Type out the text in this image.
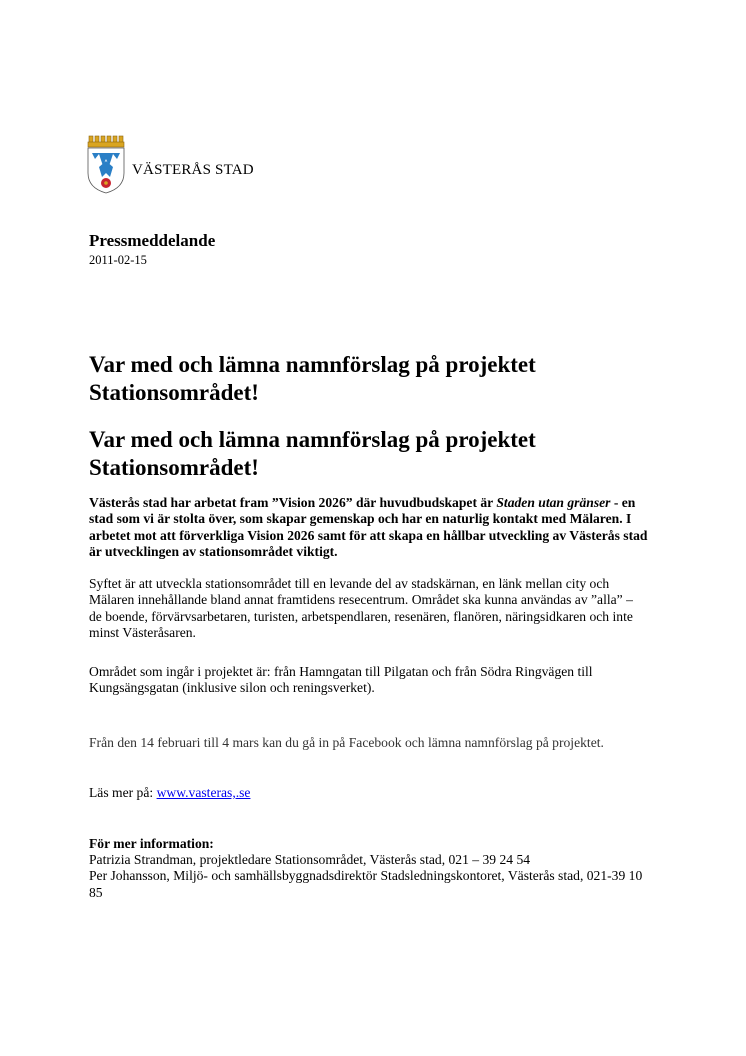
VÄSTERÅS STAD
Pressmeddelande

2011-02-15

Var med och lämna namnförslag på projektet Stationsområdet!
Var med och lämna namnförslag på projektet Stationsområdet!

Västerås stad har arbetat fram ”Vision 2026” där huvudbudskapet är Staden utan gränser - en stad som vi är stolta över, som skapar gemenskap och har en naturlig kontakt med Mälaren. I arbetet mot att förverkliga Vision 2026 samt för att skapa en hållbar utveckling av Västerås stad är utvecklingen av stationsområdet viktigt.

Syftet är att utveckla stationsområdet till en levande del av stadskärnan, en länk mellan city och Mälaren innehållande bland annat framtidens resecentrum. Området ska kunna användas av ”alla” – de boende, förvärvsarbetaren, turisten, arbetspendlaren, resenären, flanören, näringsidkaren och inte minst Västeråsaren.

Området som ingår i projektet är: från Hamngatan till Pilgatan och från Södra Ringvägen till Kungsängsgatan (inklusive silon och reningsverket).

Från den 14 februari till 4 mars kan du gå in på Facebook och lämna namnförslag på projektet.

Läs mer på: www.vasteras,.se

För mer information:

Patrizia Strandman, projektledare Stationsområdet, Västerås stad, 021 – 39 24 54
Per Johansson, Miljö- och samhällsbyggnadsdirektör Stadsledningskontoret, Västerås stad, 021-39 10 85
